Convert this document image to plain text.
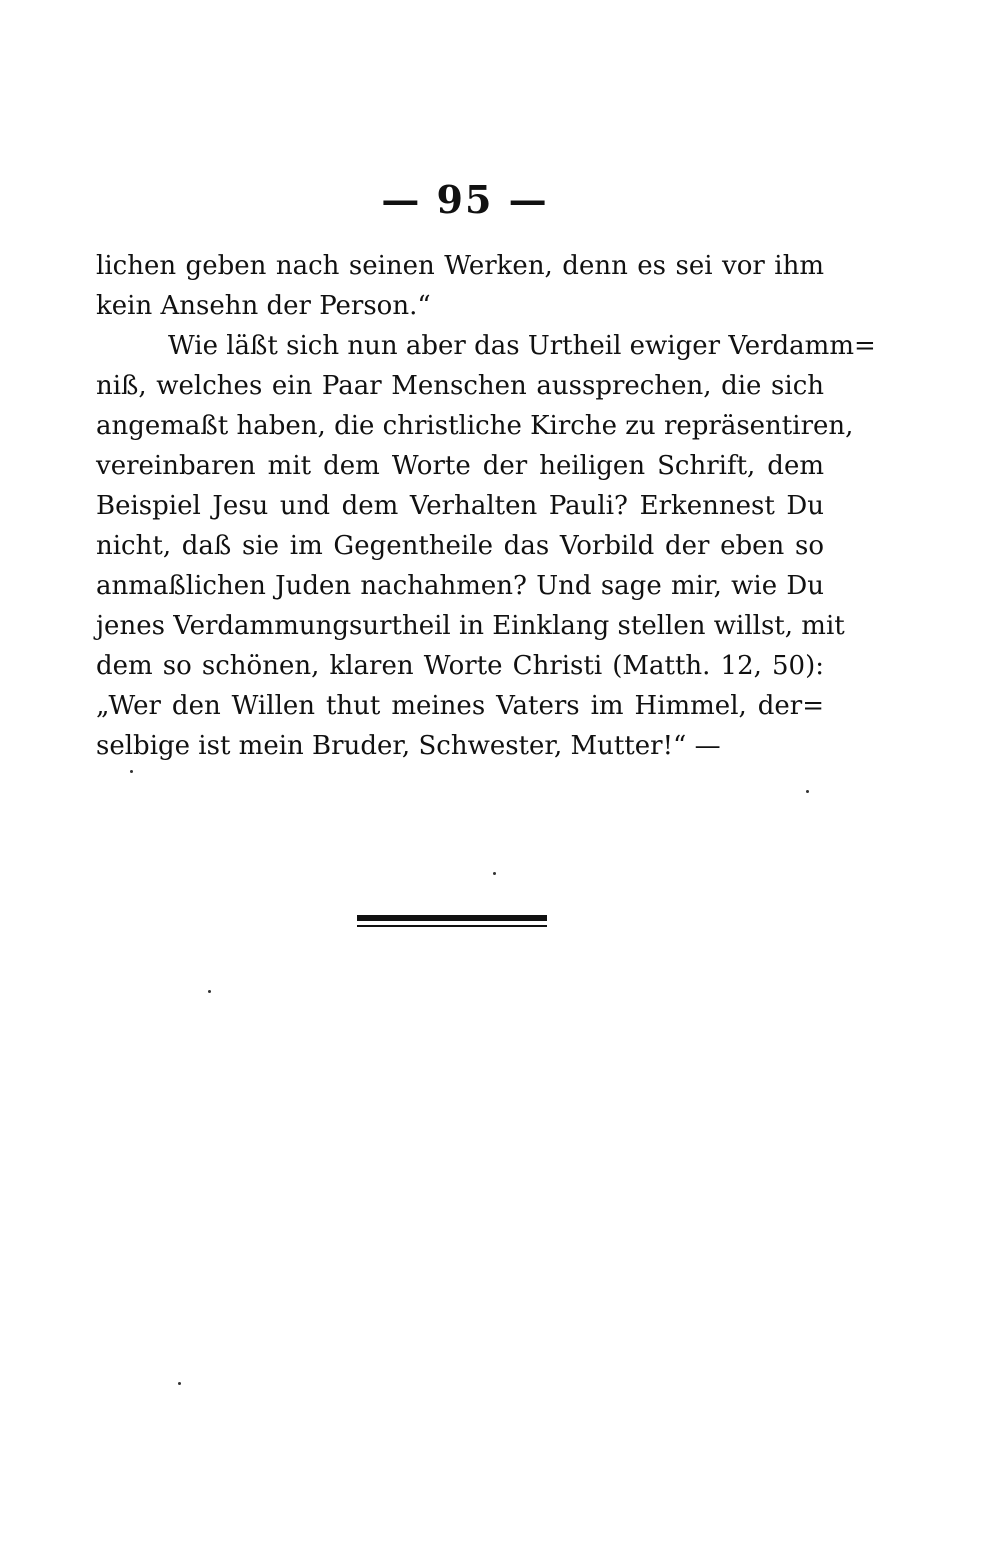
— 95 —
lichen geben nach seinen Werken, denn es sei vor ihm
kein Ansehn der Person.“
Wie läßt sich nun aber das Urtheil ewiger Verdamm=
niß, welches ein Paar Menschen aussprechen, die sich
angemaßt haben, die christliche Kirche zu repräsentiren,
vereinbaren mit dem Worte der heiligen Schrift, dem
Beispiel Jesu und dem Verhalten Pauli? Erkennest Du
nicht, daß sie im Gegentheile das Vorbild der eben so
anmaßlichen Juden nachahmen? Und sage mir, wie Du
jenes Verdammungsurtheil in Einklang stellen willst, mit
dem so schönen, klaren Worte Christi (Matth. 12, 50):
„Wer den Willen thut meines Vaters im Himmel, der=
selbige ist mein Bruder, Schwester, Mutter!“ —
